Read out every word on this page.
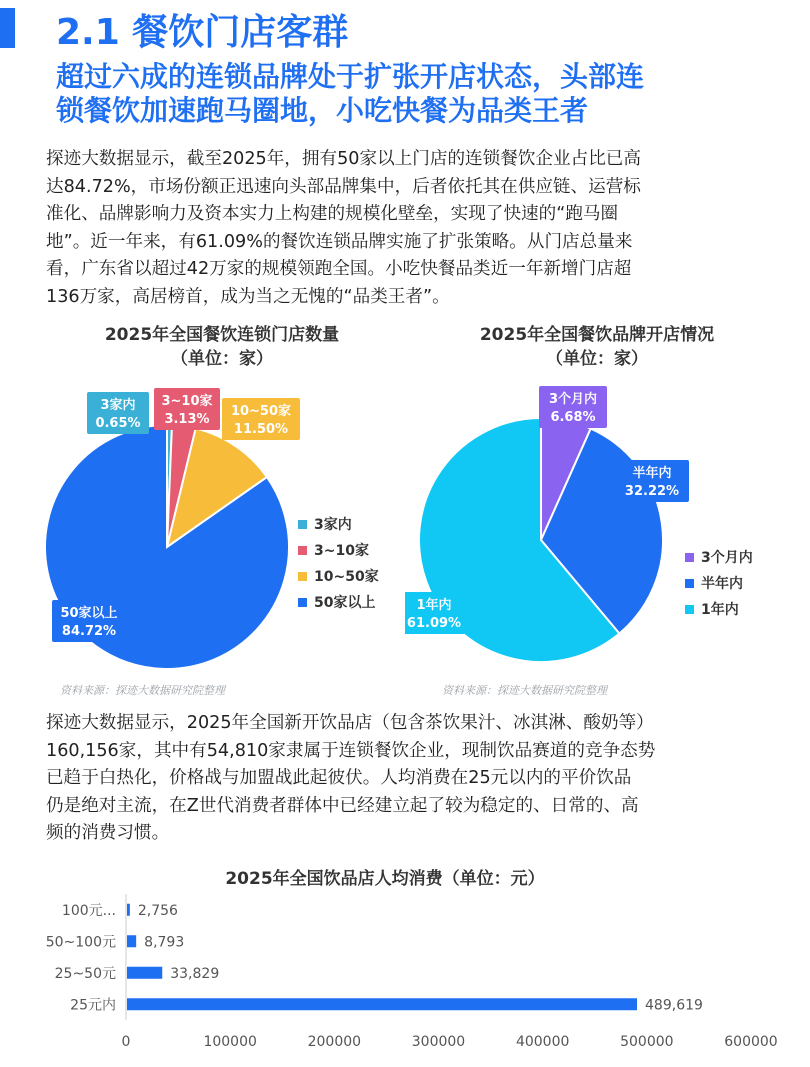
2.1 餐饮门店客群
超过六成的连锁品牌处于扩张开店状态，头部连
锁餐饮加速跑马圈地，小吃快餐为品类王者
探迹大数据显示，截至2025年，拥有50家以上门店的连锁餐饮企业占比已高
达84.72%，市场份额正迅速向头部品牌集中，后者依托其在供应链、运营标
准化、品牌影响力及资本实力上构建的规模化壁垒，实现了快速的“跑马圈
地”。近一年来，有61.09%的餐饮连锁品牌实施了扩张策略。从门店总量来
看，广东省以超过42万家的规模领跑全国。小吃快餐品类近一年新增门店超
136万家，高居榜首，成为当之无愧的“品类王者”。
2025年全国餐饮连锁门店数量
（单位：家）
3家内
0.65%
3~10家
3.13%
10~50家
11.50%
50家以上
84.72%
3家内
3~10家
10~50家
50家以上
资料来源：探迹大数据研究院整理
2025年全国餐饮品牌开店情况
（单位：家）
3个月内
6.68%
半年内
32.22%
1年内
61.09%
3个月内
半年内
1年内
资料来源：探迹大数据研究院整理
探迹大数据显示，2025年全国新开饮品店（包含茶饮果汁、冰淇淋、酸奶等）
160,156家，其中有54,810家隶属于连锁餐饮企业，现制饮品赛道的竞争态势
已趋于白热化，价格战与加盟战此起彼伏。人均消费在25元以内的平价饮品
仍是绝对主流，在Z世代消费者群体中已经建立起了较为稳定的、日常的、高
频的消费习惯。
2025年全国饮品店人均消费（单位：元）
100元...
50~100元
25~50元
25元内
2,756
8,793
33,829
489,619
0	100000	200000	300000	400000	500000	600000
